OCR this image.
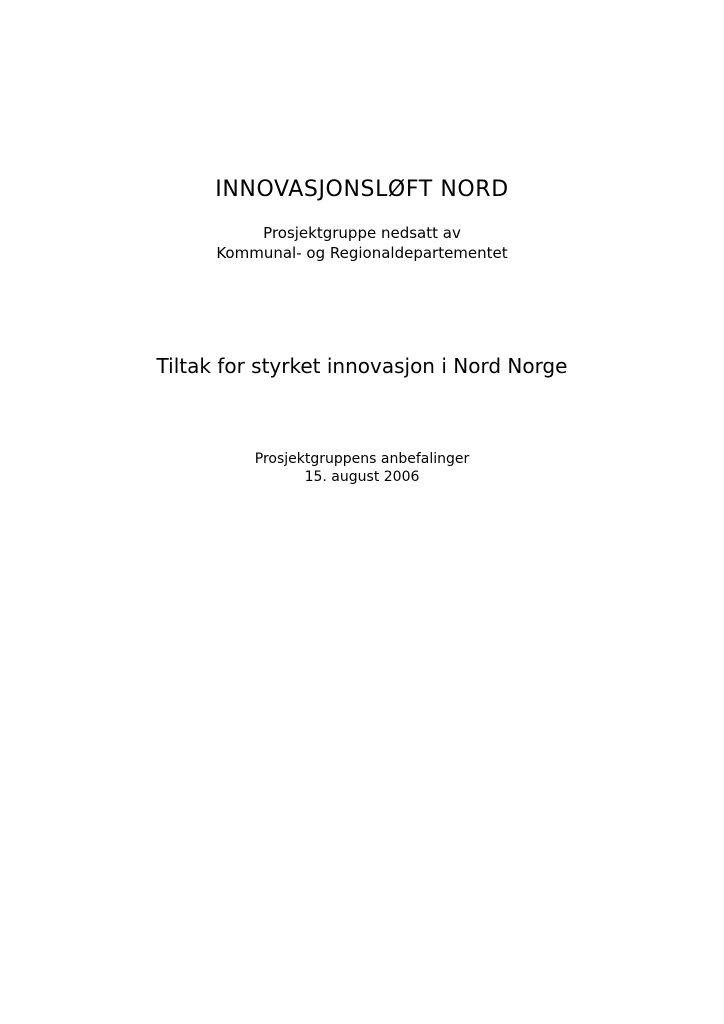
INNOVASJONSLØFT NORD
Prosjektgruppe nedsatt av
Kommunal- og Regionaldepartementet
Tiltak for styrket innovasjon i Nord Norge
Prosjektgruppens anbefalinger
15. august 2006
